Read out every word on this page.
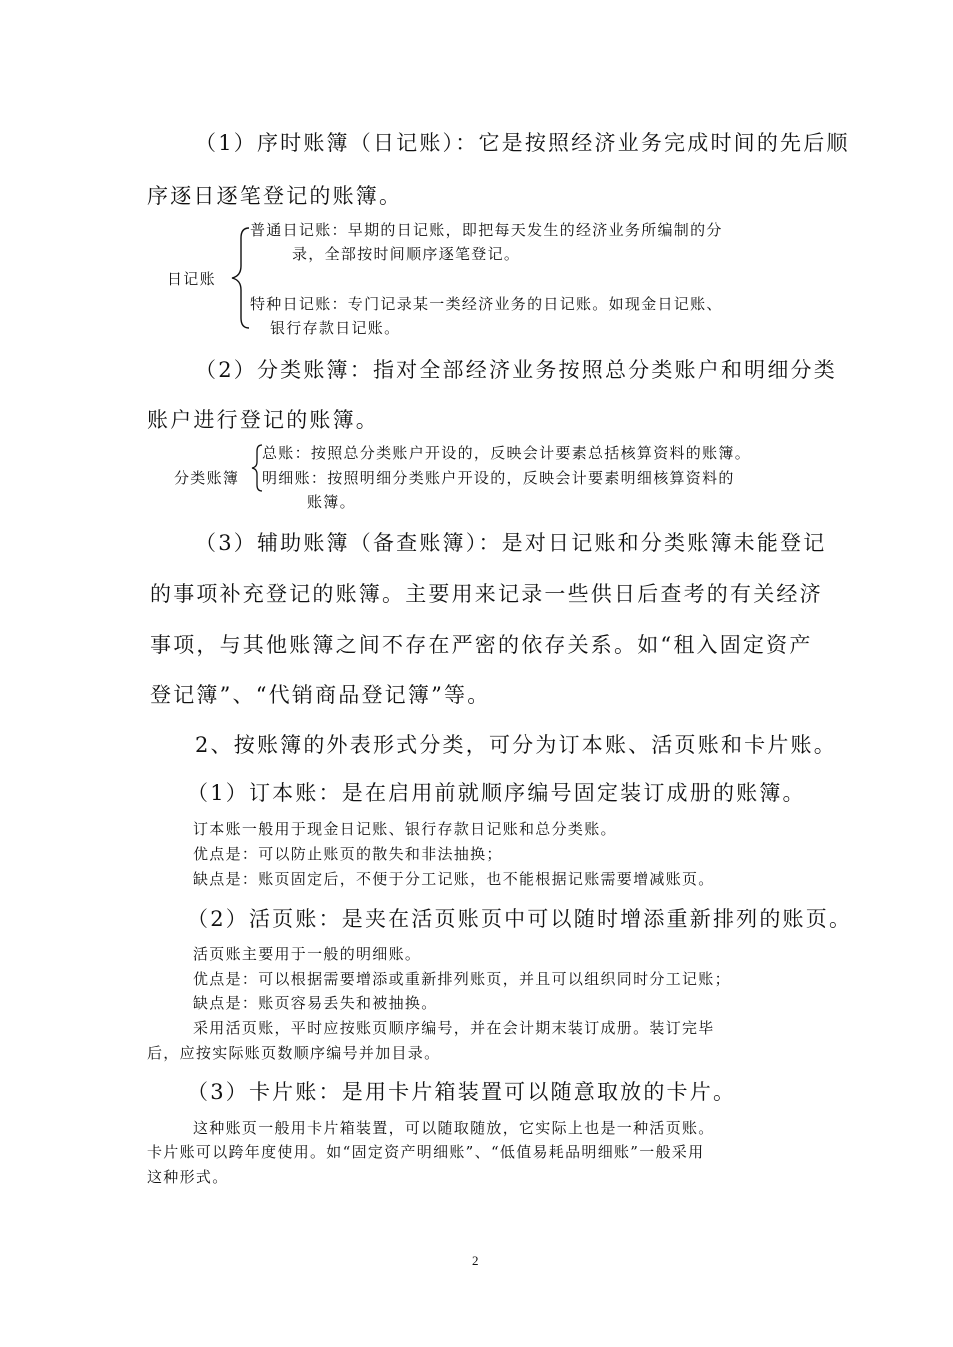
（1）序时账簿（日记账）：它是按照经济业务完成时间的先后顺
序逐日逐笔登记的账簿。
日记账
普通日记账：早期的日记账，即把每天发生的经济业务所编制的分
录，全部按时间顺序逐笔登记。
特种日记账：专门记录某一类经济业务的日记账。如现金日记账、
银行存款日记账。
（2）分类账簿：指对全部经济业务按照总分类账户和明细分类
账户进行登记的账簿。
分类账簿
总账：按照总分类账户开设的，反映会计要素总括核算资料的账簿。
明细账：按照明细分类账户开设的，反映会计要素明细核算资料的
账簿。
（3）辅助账簿（备查账簿）：是对日记账和分类账簿未能登记
的事项补充登记的账簿。主要用来记录一些供日后查考的有关经济
事项，与其他账簿之间不存在严密的依存关系。如“租入固定资产
登记簿”、“代销商品登记簿”等。
2、按账簿的外表形式分类，可分为订本账、活页账和卡片账。
（1）订本账：是在启用前就顺序编号固定装订成册的账簿。
订本账一般用于现金日记账、银行存款日记账和总分类账。
优点是：可以防止账页的散失和非法抽换；
缺点是：账页固定后，不便于分工记账，也不能根据记账需要增减账页。
（2）活页账：是夹在活页账页中可以随时增添重新排列的账页。
活页账主要用于一般的明细账。
优点是：可以根据需要增添或重新排列账页，并且可以组织同时分工记账；
缺点是：账页容易丢失和被抽换。
采用活页账，平时应按账页顺序编号，并在会计期末装订成册。装订完毕
后，应按实际账页数顺序编号并加目录。
（3）卡片账：是用卡片箱装置可以随意取放的卡片。
这种账页一般用卡片箱装置，可以随取随放，它实际上也是一种活页账。
卡片账可以跨年度使用。如“固定资产明细账”、“低值易耗品明细账”一般采用
这种形式。
2
